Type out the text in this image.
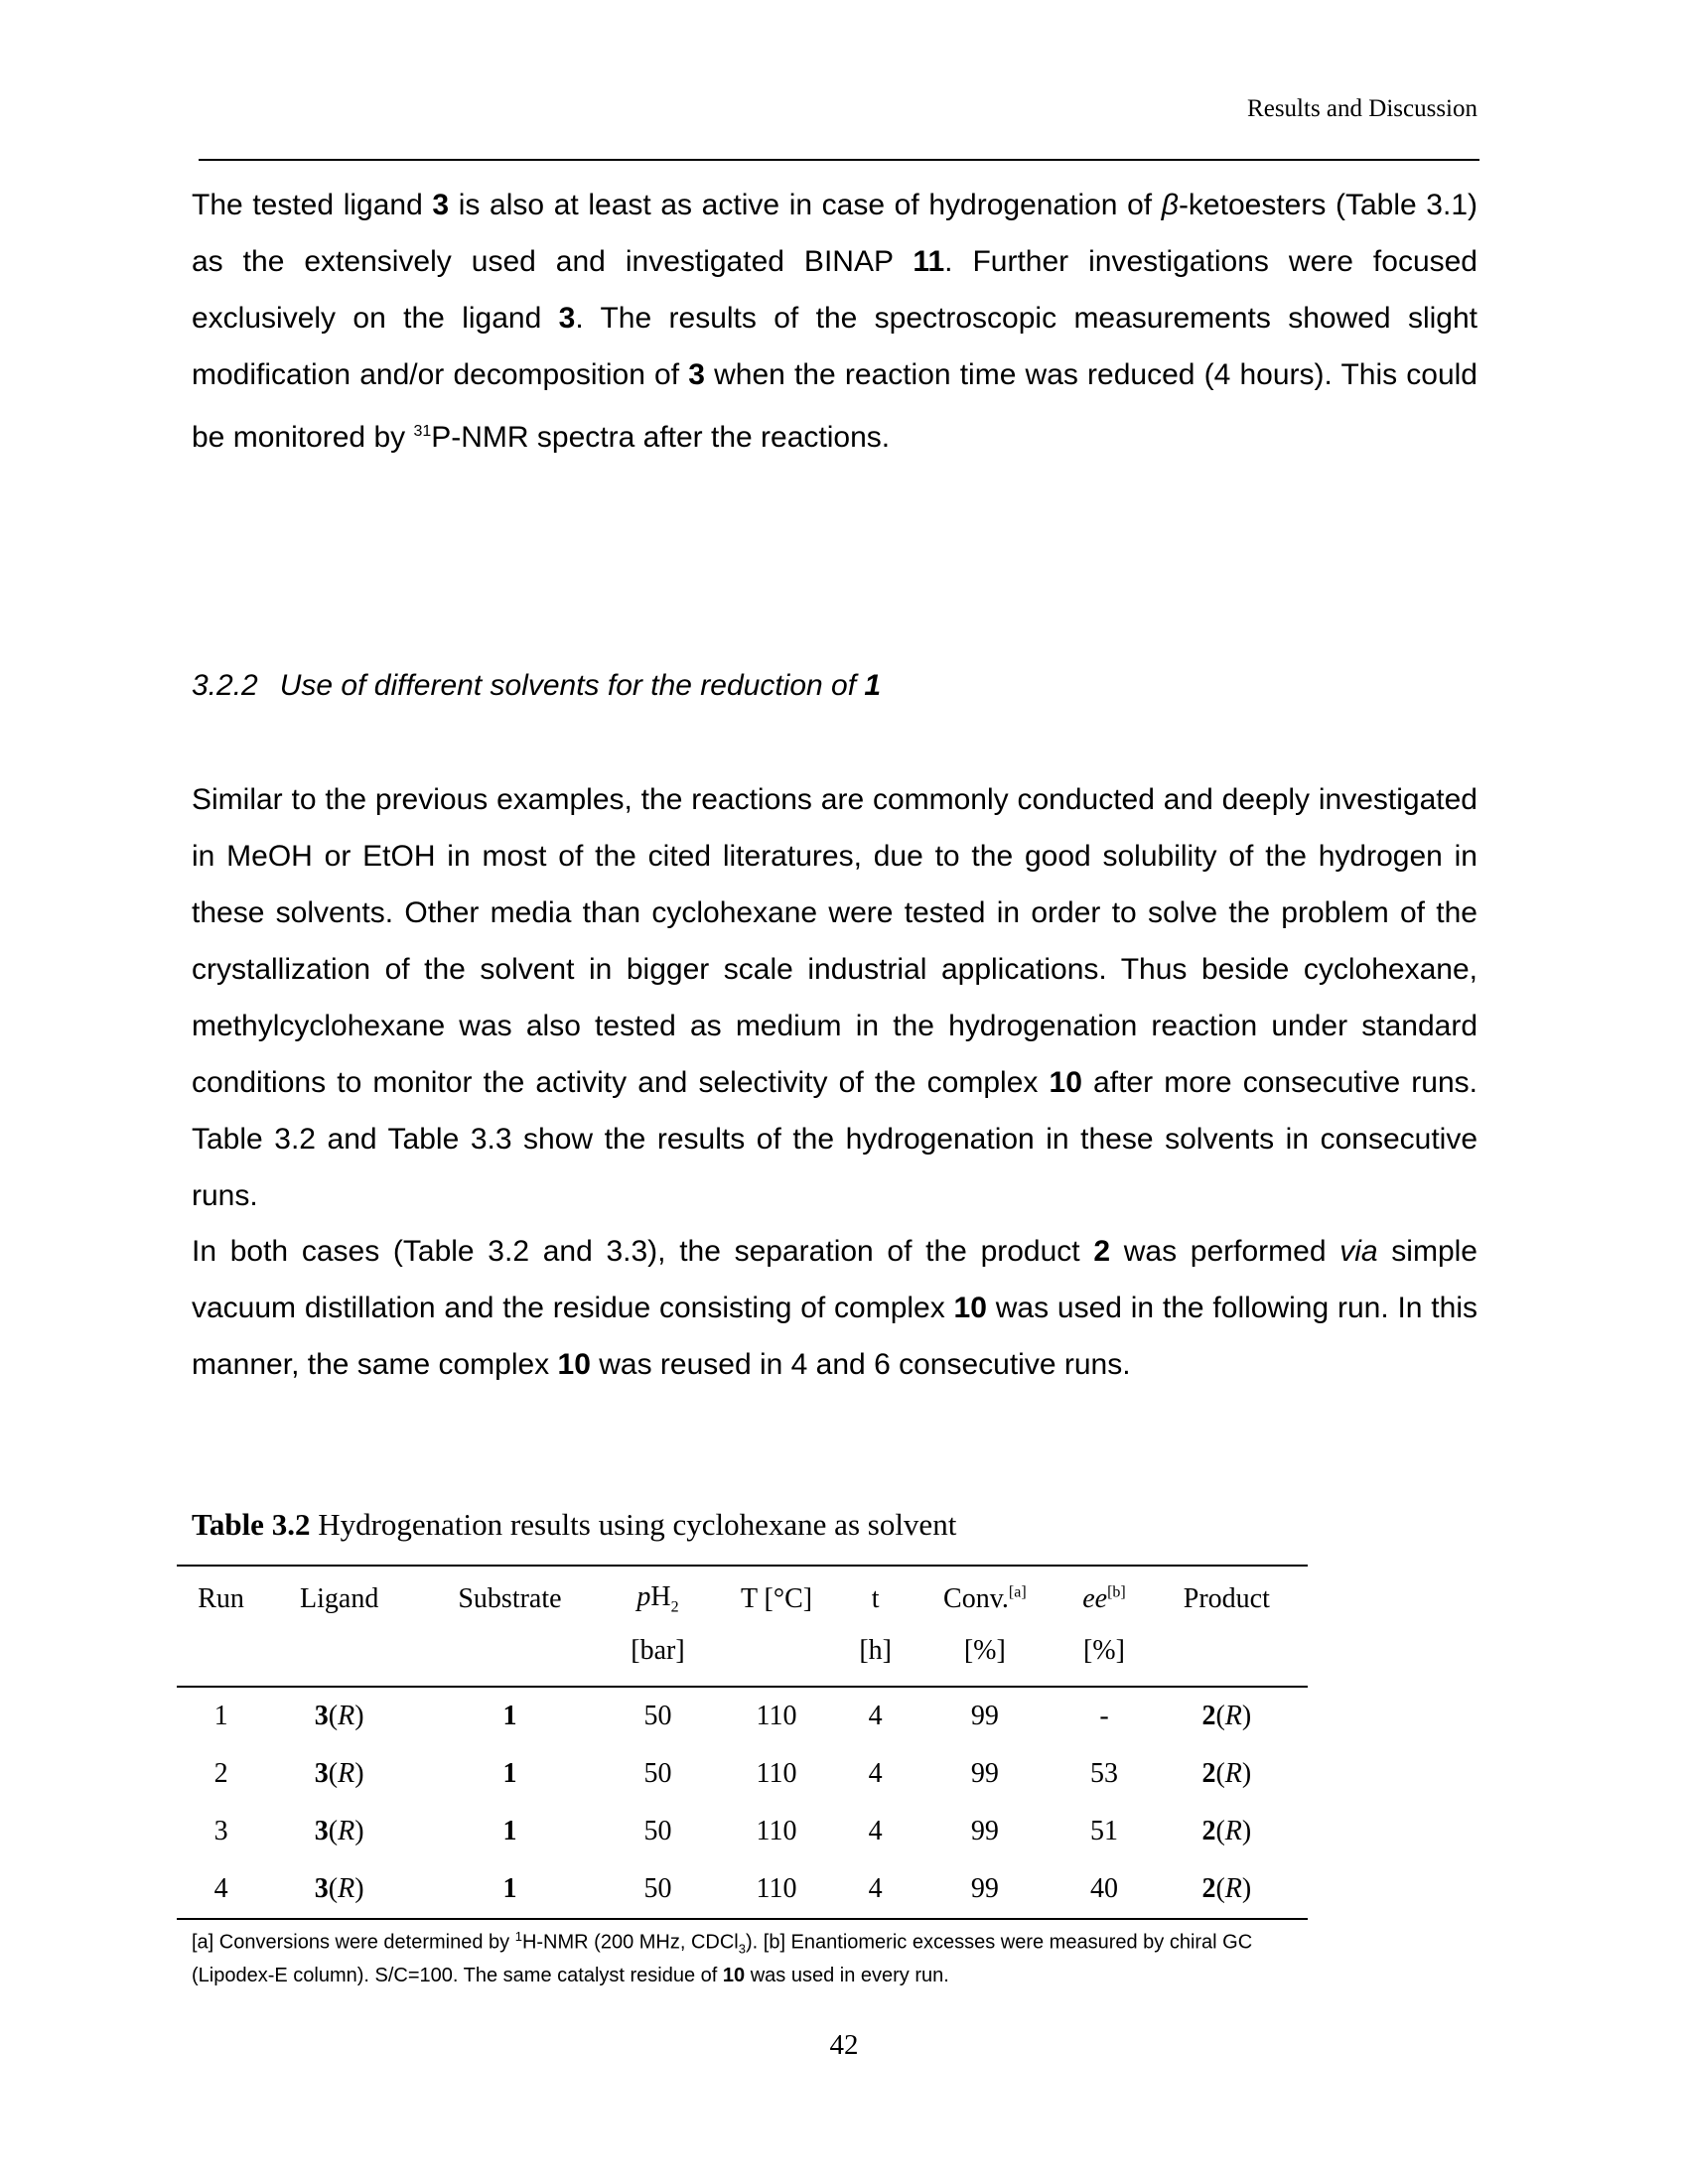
Results and Discussion
The tested ligand 3 is also at least as active in case of hydrogenation of β-ketoesters (Table 3.1) as the extensively used and investigated BINAP 11. Further investigations were focused exclusively on the ligand 3. The results of the spectroscopic measurements showed slight modification and/or decomposition of 3 when the reaction time was reduced (4 hours). This could be monitored by $^{31}$P-NMR spectra after the reactions.
3.2.2 Use of different solvents for the reduction of 1
Similar to the previous examples, the reactions are commonly conducted and deeply investigated in MeOH or EtOH in most of the cited literatures, due to the good solubility of the hydrogen in these solvents. Other media than cyclohexane were tested in order to solve the problem of the crystallization of the solvent in bigger scale industrial applications. Thus beside cyclohexane, methylcyclohexane was also tested as medium in the hydrogenation reaction under standard conditions to monitor the activity and selectivity of the complex 10 after more consecutive runs. Table 3.2 and Table 3.3 show the results of the hydrogenation in these solvents in consecutive runs.
In both cases (Table 3.2 and 3.3), the separation of the product 2 was performed via simple vacuum distillation and the residue consisting of complex 10 was used in the following run. In this manner, the same complex 10 was reused in 4 and 6 consecutive runs.
Table 3.2 Hydrogenation results using cyclohexane as solvent
Run	Ligand	Substrate	$pH_2$	T [°C]	t	Conv.[a]	ee[b]	Product
			[bar]		[h]	[%]	[%]	
1	3(R)	1	50	110	4	99	-	2(R)
2	3(R)	1	50	110	4	99	53	2(R)
3	3(R)	1	50	110	4	99	51	2(R)
4	3(R)	1	50	110	4	99	40	2(R)
[a] Conversions were determined by $^1$H-NMR (200 MHz, CDCl$_3$). [b] Enantiomeric excesses were measured by chiral GC (Lipodex-E column). S/C=100. The same catalyst residue of 10 was used in every run.
42
